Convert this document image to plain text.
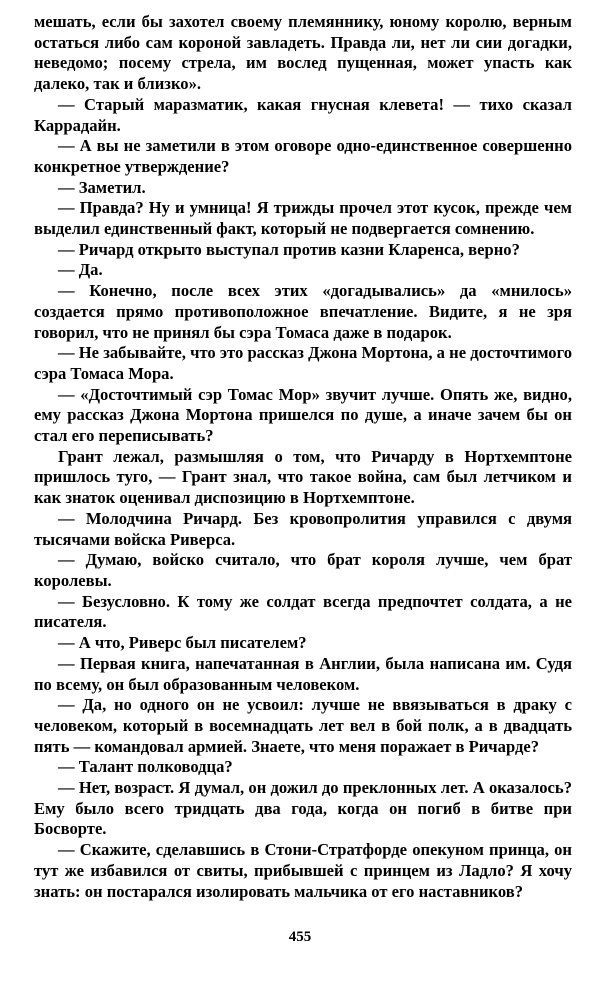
мешать, если бы захотел своему племяннику, юному королю, верным остаться либо сам короной завладеть. Правда ли, нет ли сии догадки, неведомо; посему стрела, им вослед пущенная, может упасть как далеко, так и близко».

— Старый маразматик, какая гнусная клевета! — тихо сказал Каррадайн.

— А вы не заметили в этом оговоре одно-единственное совершенно конкретное утверждение?

— Заметил.

— Правда? Ну и умница! Я трижды прочел этот кусок, прежде чем выделил единственный факт, который не подвергается сомнению.

— Ричард открыто выступал против казни Кларенса, верно?

— Да.

— Конечно, после всех этих «догадывались» да «мнилось» создается прямо противоположное впечатление. Видите, я не зря говорил, что не принял бы сэра Томаса даже в подарок.

— Не забывайте, что это рассказ Джона Мортона, а не досточтимого сэра Томаса Мора.

— «Досточтимый сэр Томас Мор» звучит лучше. Опять же, видно, ему рассказ Джона Мортона пришелся по душе, а иначе зачем бы он стал его переписывать?

Грант лежал, размышляя о том, что Ричарду в Нортхемптоне пришлось туго, — Грант знал, что такое война, сам был летчиком и как знаток оценивал диспозицию в Нортхемптоне.

— Молодчина Ричард. Без кровопролития управился с двумя тысячами войска Риверса.

— Думаю, войско считало, что брат короля лучше, чем брат королевы.

— Безусловно. К тому же солдат всегда предпочтет солдата, а не писателя.

— А что, Риверс был писателем?

— Первая книга, напечатанная в Англии, была написана им. Судя по всему, он был образованным человеком.

— Да, но одного он не усвоил: лучше не ввязываться в драку с человеком, который в восемнадцать лет вел в бой полк, а в двадцать пять — командовал армией. Знаете, что меня поражает в Ричарде?

— Талант полководца?

— Нет, возраст. Я думал, он дожил до преклонных лет. А оказалось? Ему было всего тридцать два года, когда он погиб в битве при Босворте.

— Скажите, сделавшись в Стони-Стратфорде опекуном принца, он тут же избавился от свиты, прибывшей с принцем из Ладло? Я хочу знать: он постарался изолировать мальчика от его наставников?

455
